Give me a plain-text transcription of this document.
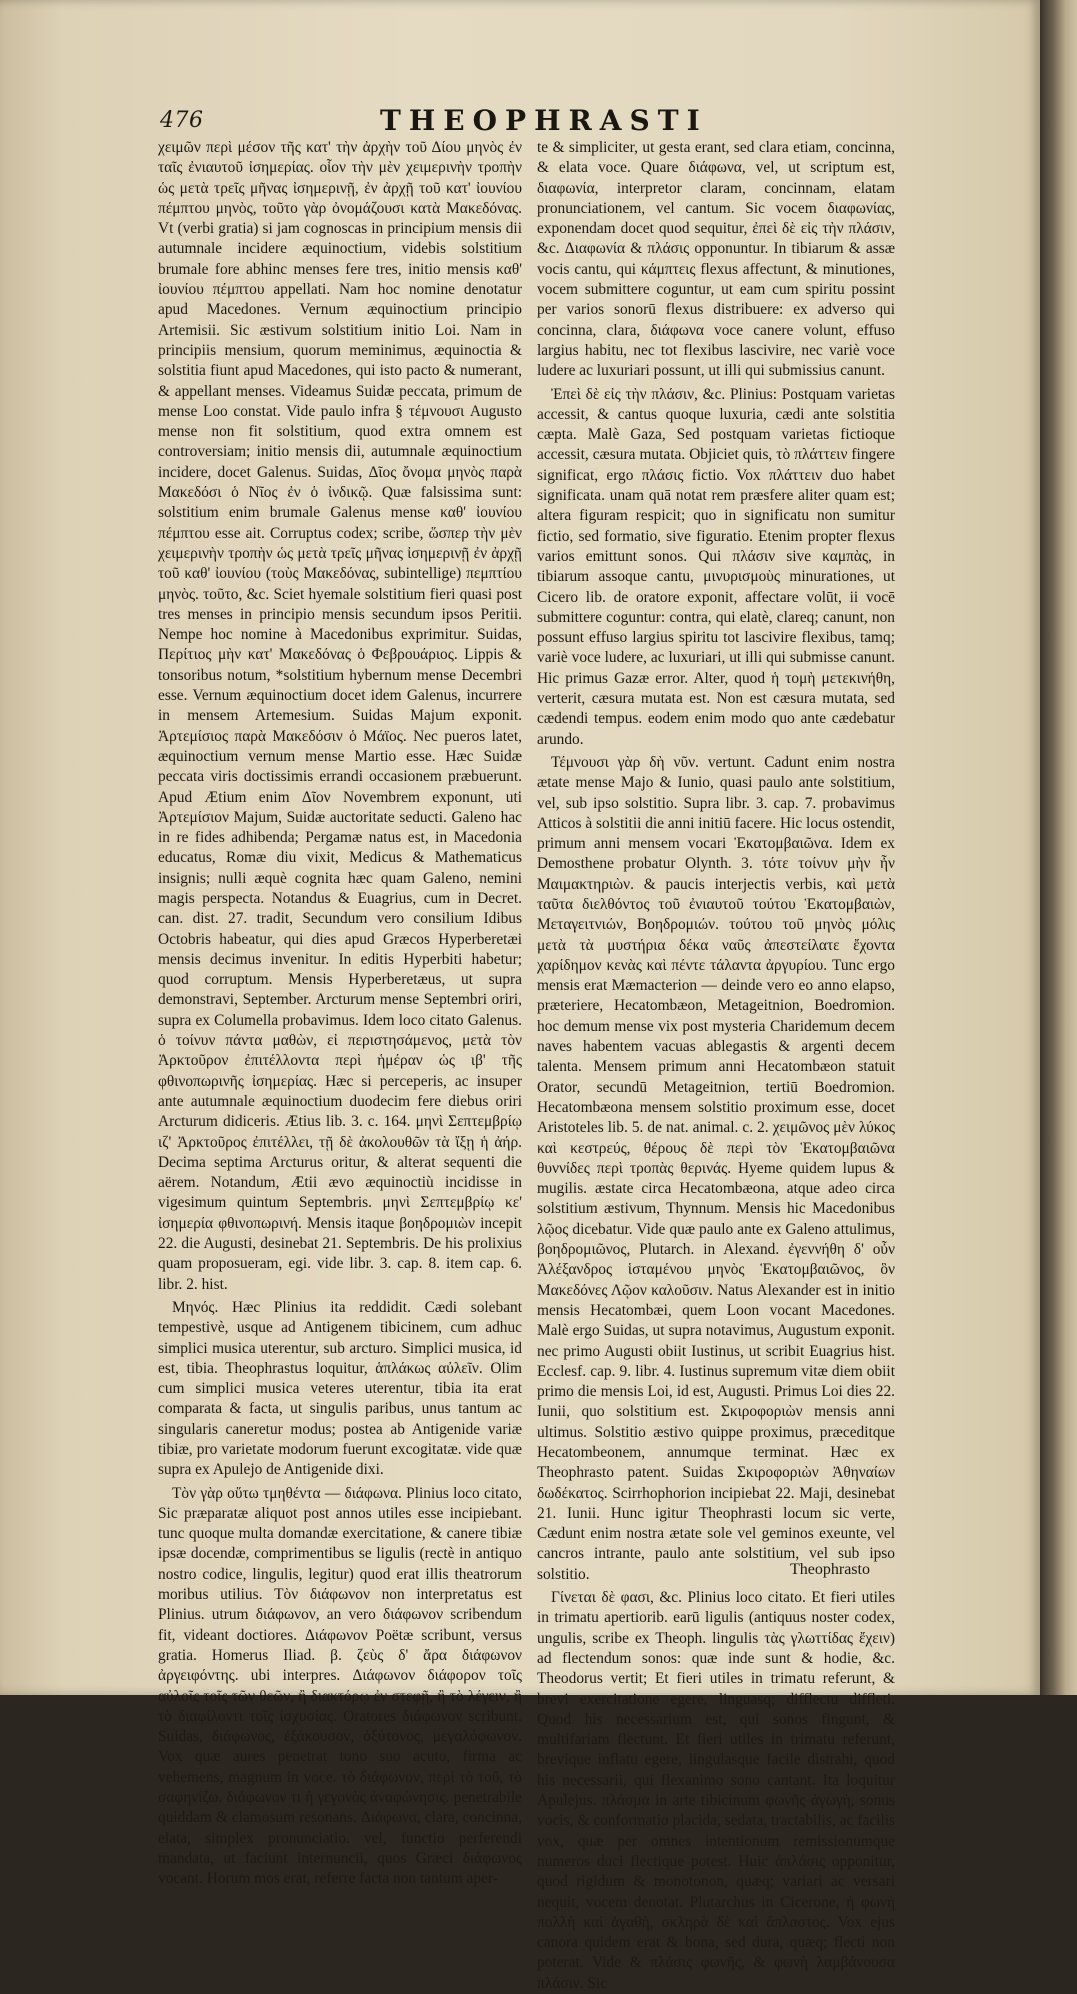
476	THEOPHRASTI

χειμῶν περὶ μέσον τῆς κατ' τὴν ἀρχὴν τοῦ Δίου μηνὸς ἐν ταῖς ἐνιαυτοῦ ἰσημερίας. οἷον τὴν μὲν χειμερινὴν τροπὴν ὡς μετὰ τρεῖς μῆνας ἰσημερινῇ, ἐν ἀρχῇ τοῦ κατ' ἰουνίου πέμπτου μηνὸς, τοῦτο γὰρ ὀνομάζουσι κατὰ Μακεδόνας. Vt (verbi gratia) si jam cognoscas in principium mensis dii autumnale incidere æquinoctium, videbis solstitium brumale fore abhinc menses fere tres, initio mensis καθ' ἰουνίου πέμπτου appellati. Nam hoc nomine denotatur apud Macedones. Vernum æquinoctium principio Artemisii. Sic æstivum solstitium initio Loi. Nam in principiis mensium, quorum meminimus, æquinoctia & solstitia fiunt apud Macedones, qui isto pacto & numerant, & appellant menses. Videamus Suidæ peccata, primum de mense Loo constat. Vide paulo infra § τέμνουσι Augusto mense non fit solstitium, quod extra omnem est controversiam; initio mensis dii, autumnale æquinoctium incidere, docet Galenus. Suidas, Δῖος ὄνομα μηνὸς παρὰ Μακεδόσι ὁ Νῖος ἐν ὁ ἰνδικῷ. Quæ falsissima sunt: solstitium enim brumale Galenus mense καθ' ἰουνίου πέμπτου esse ait. Corruptus codex; scribe, ὥσπερ τὴν μὲν χειμερινὴν τροπὴν ὡς μετὰ τρεῖς μῆνας ἰσημερινῇ ἐν ἀρχῇ τοῦ καθ' ἰουνίου (τοὺς Μακεδόνας, subintellige) πεμπτίου μηνὸς. τοῦτο, &c. Sciet hyemale solstitium fieri quasi post tres menses in principio mensis secundum ipsos Peritii. Nempe hoc nomine à Macedonibus exprimitur. Suidas, Περίτιος μὴν κατ' Μακεδόνας ὁ Φεβρουάριος. Lippis & tonsoribus notum, *solstitium hybernum mense Decembri esse. Vernum æquinoctium docet idem Galenus, incurrere in mensem Artemesium. Suidas Majum exponit. Ἀρτεμίσιος παρὰ Μακεδόσιν ὁ Μάϊος. Nec pueros latet, æquinoctium vernum mense Martio esse. Hæc Suidæ peccata viris doctissimis errandi occasionem præbuerunt. Apud Ætium enim Δῖον Novembrem exponunt, uti Ἀρτεμίσιον Majum, Suidæ auctoritate seducti. Galeno hac in re fides adhibenda; Pergamæ natus est, in Macedonia educatus, Romæ diu vixit, Medicus & Mathematicus insignis; nulli æquè cognita hæc quam Galeno, nemini magis perspecta. Notandus & Euagrius, cum in Decret. can. dist. 27. tradit, Secundum vero consilium Idibus Octobris habeatur, qui dies apud Græcos Hyperberetæi mensis decimus invenitur. In editis Hyperbiti habetur; quod corruptum. Mensis Hyperberetæus, ut supra demonstravi, September. Arcturum mense Septembri oriri, supra ex Columella probavimus. Idem loco citato Galenus. ὁ τοίνυν πάντα μαθὼν, εἰ περιστησάμενος, μετὰ τὸν Ἀρκτοῦρον ἐπιτέλλοντα περὶ ἡμέραν ὡς ιβ' τῆς φθινοπωρινῆς ἰσημερίας. Hæc si perceperis, ac insuper ante autumnale æquinoctium duodecim fere diebus oriri Arcturum didiceris. Ætius lib. 3. c. 164. μηνὶ Σεπτεμβρίῳ ιζ' Ἀρκτοῦρος ἐπιτέλλει, τῇ δὲ ἀκολουθῶν τὰ ἴξῃ ἡ ἀήρ. Decima septima Arcturus oritur, & alterat sequenti die aërem. Notandum, Ætii ævo æquinoctiù incidisse in vigesimum quintum Septembris. μηνὶ Σεπτεμβρίῳ κε' ἰσημερία φθινοπωρινή. Mensis itaque βοηδρομιὼν incepit 22. die Augusti, desinebat 21. Septembris. De his prolixius quam proposueram, egi. vide libr. 3. cap. 8. item cap. 6. libr. 2. hist.

Μηνός. Hæc Plinius ita reddidit. Cædi solebant tempestivè, usque ad Antigenem tibicinem, cum adhuc simplici musica uterentur, sub arcturo. Simplici musica, id est, tibia. Theophrastus loquitur, ἁπλάκως αὐλεῖν. Olim cum simplici musica veteres uterentur, tibia ita erat comparata & facta, ut singulis paribus, unus tantum ac singularis caneretur modus; postea ab Antigenide variæ tibiæ, pro varietate modorum fuerunt excogitatæ. vide quæ supra ex Apulejo de Antigenide dixi.

Τὸν γὰρ οὕτω τμηθέντα — διάφωνα. Plinius loco citato, Sic præparatæ aliquot post annos utiles esse incipiebant. tunc quoque multa domandæ exercitatione, & canere tibiæ ipsæ docendæ, comprimentibus se ligulis (rectè in antiquo nostro codice, lingulis, legitur) quod erat illis theatrorum moribus utilius. Τὸν διάφωνον non interpretatus est Plinius. utrum διάφωνον, an vero διάφωνον scribendum fit, videant doctiores. Διάφωνον Poëtæ scribunt, versus gratia. Homerus Iliad. β. ζεὺς δ' ἄρα διάφωνον ἀργειφόντης. ubi interpres. Διάφωνον διάφορον τοῖς αὐλοῖς τοῖς τῶν θεῶν, ἢ διακτόρῳ ἐν στεφῇ, ἢ τὸ λέγειν, ἢ τὸ διαφίλοντι τοῖς ἰσχυσίας. Oratores διάφωνον scribunt. Suidas, διάφωνος, ἐξάκουσον, ὀξύτονος, μεγαλόφωνον. Vox quæ aures penetrat tono suo acuto, firma ac vehemens, magnum in voce. τὸ διάφωνον, περὶ τὸ τοῦ, τὸ σαφηνίζω. διάφωνον τι ἡ γεγονὸς ἀναφώνησις. penetrabile quiddam & clamosum resonans. Διάφωνα, clara, concinna, elata, simplex pronunciatio. vel, functio perferendi mandata, ut faciunt internuncii, quos Græci διάφωνος vocant. Horum mos erat, referre facta non tantum aper-

te & simpliciter, ut gesta erant, sed clara etiam, concinna, & elata voce. Quare διάφωνα, vel, ut scriptum est, διαφωνία, interpretor claram, concinnam, elatam pronunciationem, vel cantum. Sic vocem διαφωνίας, exponendam docet quod sequitur, ἐπεὶ δὲ εἰς τὴν πλάσιν, &c. Διαφωνία & πλάσις opponuntur. In tibiarum & assæ vocis cantu, qui κάμπτεις flexus affectunt, & minutiones, vocem submittere coguntur, ut eam cum spiritu possint per varios sonorū flexus distribuere: ex adverso qui concinna, clara, διάφωνα voce canere volunt, effuso largius habitu, nec tot flexibus lascivire, nec variè voce ludere ac luxuriari possunt, ut illi qui submissius canunt.

Ἐπεὶ δὲ εἰς τὴν πλάσιν, &c. Plinius: Postquam varietas accessit, & cantus quoque luxuria, cædi ante solstitia cæpta. Malè Gaza, Sed postquam varietas fictioque accessit, cæsura mutata. Objiciet quis, τὸ πλάττειν fingere significat, ergo πλάσις fictio. Vox πλάττειν duo habet significata. unam quā notat rem præsfere aliter quam est; altera figuram respicit; quo in significatu non sumitur fictio, sed formatio, sive figuratio. Etenim propter flexus varios emittunt sonos. Qui πλάσιν sive καμπὰς, in tibiarum assoque cantu, μινυρισμοὺς minurationes, ut Cicero lib. de oratore exponit, affectare volūt, ii vocē submittere coguntur: contra, qui elatè, clareq; canunt, non possunt effuso largius spiritu tot lascivire flexibus, tamq; variè voce ludere, ac luxuriari, ut illi qui submisse canunt. Hic primus Gazæ error. Alter, quod ἡ τομὴ μετεκινήθη, verterit, cæsura mutata est. Non est cæsura mutata, sed cædendi tempus. eodem enim modo quo ante cædebatur arundo.

Τέμνουσι γὰρ δὴ νῦν. vertunt. Cadunt enim nostra ætate mense Majo & Iunio, quasi paulo ante solstitium, vel, sub ipso solstitio. Supra libr. 3. cap. 7. probavimus Atticos à solstitii die anni initiū facere. Hic locus ostendit, primum anni mensem vocari Ἑκατομβαιῶνα. Idem ex Demosthene probatur Olynth. 3. τότε τοίνυν μὴν ἦν Μαιμακτηριὼν. & paucis interjectis verbis, καὶ μετὰ ταῦτα διελθόντος τοῦ ἐνιαυτοῦ τούτου Ἑκατομβαιὼν, Μεταγειτνιών, Βοηδρομιών. τούτου τοῦ μηνὸς μόλις μετὰ τὰ μυστήρια δέκα ναῦς ἀπεστείλατε ἔχοντα χαρίδημον κενὰς καὶ πέντε τάλαντα ἀργυρίου. Tunc ergo mensis erat Mæmacterion — deinde vero eo anno elapso, præteriere, Hecatombæon, Metageitnion, Boedromion. hoc demum mense vix post mysteria Charidemum decem naves habentem vacuas ablegastis & argenti decem talenta. Mensem primum anni Hecatombæon statuit Orator, secundū Metageitnion, tertiū Boedromion. Hecatombæona mensem solstitio proximum esse, docet Aristoteles lib. 5. de nat. animal. c. 2. χειμῶνος μὲν λύκος καὶ κεστρεύς, θέρους δὲ περὶ τὸν Ἑκατομβαιῶνα θυννίδες περὶ τροπὰς θερινάς. Hyeme quidem lupus & mugilis. æstate circa Hecatombæona, atque adeo circa solstitium æstivum, Thynnum. Mensis hic Macedonibus λῷος dicebatur. Vide quæ paulo ante ex Galeno attulimus, βοηδρομιῶνος, Plutarch. in Alexand. ἐγεννήθη δ' οὖν Ἀλέξανδρος ἱσταμένου μηνὸς Ἑκατομβαιῶνος, ὃν Μακεδόνες Λῷον καλοῦσιν. Natus Alexander est in initio mensis Hecatombæi, quem Loon vocant Macedones. Malè ergo Suidas, ut supra notavimus, Augustum exponit. nec primo Augusti obiit Iustinus, ut scribit Euagrius hist. Ecclesf. cap. 9. libr. 4. Iustinus supremum vitæ diem obiit primo die mensis Loi, id est, Augusti. Primus Loi dies 22. Iunii, quo solstitium est. Σκιροφοριὼν mensis anni ultimus. Solstitio æstivo quippe proximus, præceditque Hecatombeonem, annumque terminat. Hæc ex Theophrasto patent. Suidas Σκιροφοριὼν Ἀθηναίων δωδέκατος. Scirrhophorion incipiebat 22. Maji, desinebat 21. Iunii. Hunc igitur Theophrasti locum sic verte, Cædunt enim nostra ætate sole vel geminos exeunte, vel cancros intrante, paulo ante solstitium, vel sub ipso solstitio.

Γίνεται δὲ φασι, &c. Plinius loco citato. Et fieri utiles in trimatu apertiorib. earū ligulis (antiquus noster codex, ungulis, scribe ex Theoph. lingulis τὰς γλωττίδας ἔχειν) ad flectendum sonos: quæ inde sunt & hodie, &c. Theodorus vertit; Et fieri utiles in trimatu referunt, & brevi exercitatione egere, linguasq; difflectu diffleti. Quod his necessarium est, qui sonos fingunt, & multifariam flectunt. Et fieri utiles in trimatu referunt, brevique inflatu egere, lingulasque facile distrahi, quod his necessarii, qui flexanimo sono cantant. Ita loquitur Apulejus. πλάσμα in arte tibicinum φωνῆς ἀγωγὴ, sonus vocis, & conformatio placida, sedata, tractabilis, ac facilis vox, quæ per omnes intentionum remissionumque numeros duci flectique potest. Huic ἀπλάσις opponitur, quod rigidum & monotonon, quæq; variari ac versari nequit, vocem denotat. Plutarchus in Cicerone, ἡ φωνὴ πολλὴ καὶ ἀγαθὴ, σκληρὰ δὲ καὶ ἄπλαστος. Vox ejus canora quidem erat & bona, sed dura, quæq; flecti non poterat. Vide & πλάσις φωνῆς, & φωνὴ λαμβάνουσα πλάσιν. Sic

Theophrasto
